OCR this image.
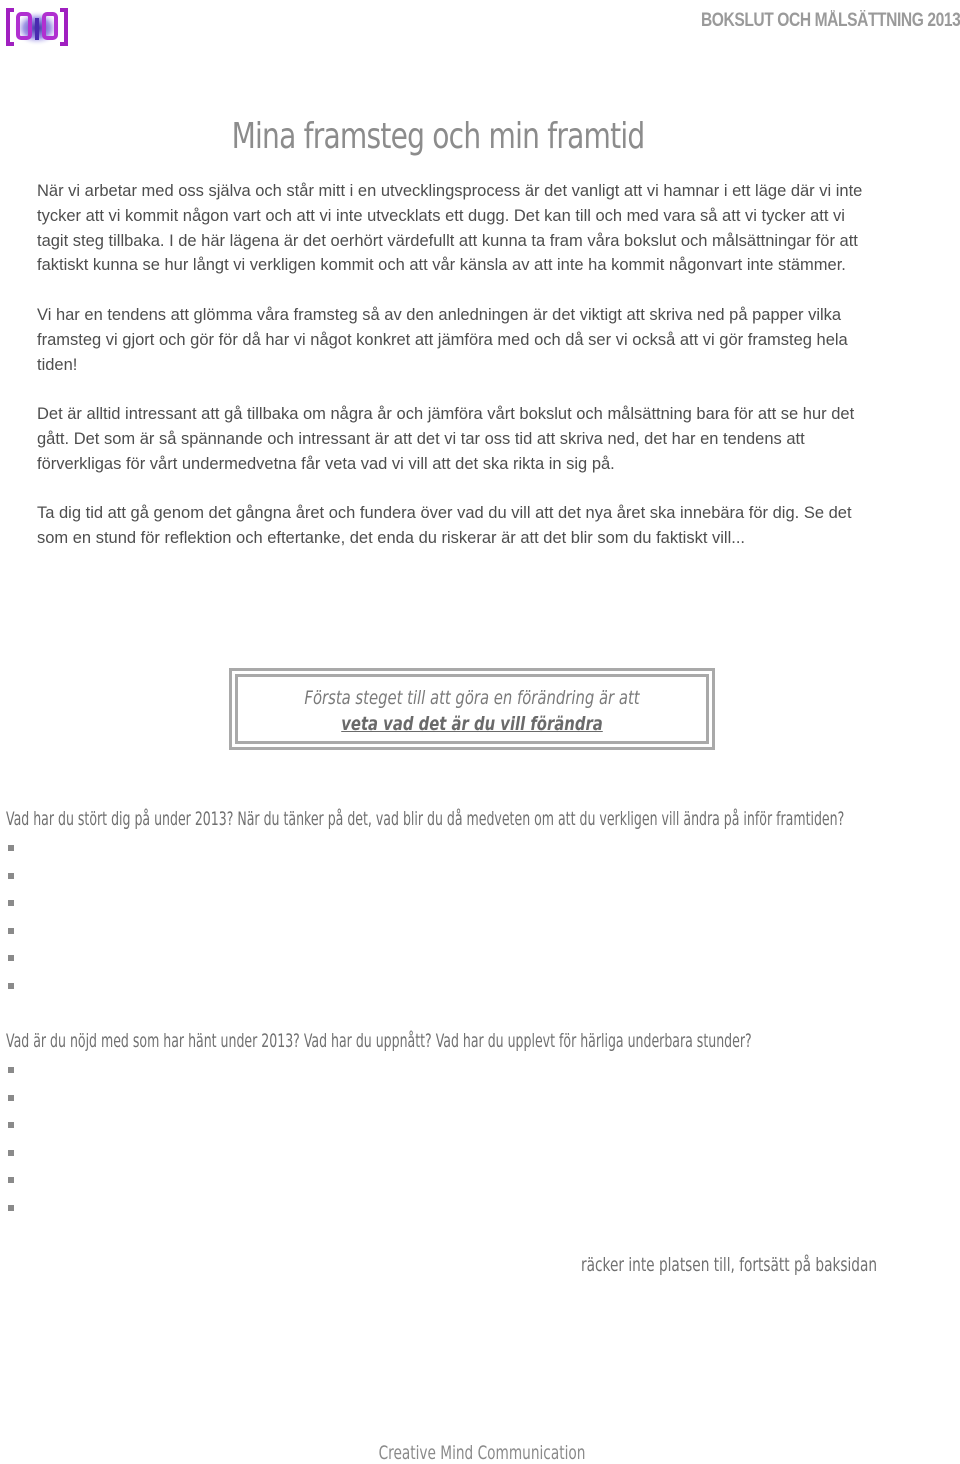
BOKSLUT OCH MÅLSÄTTNING 2013
Mina framsteg och min framtid

När vi arbetar med oss själva och står mitt i en utvecklingsprocess är det vanligt att vi hamnar i ett läge där vi inte tycker att vi kommit någon vart och att vi inte utvecklats ett dugg. Det kan till och med vara så att vi tycker att vi tagit steg tillbaka. I de här lägena är det oerhört värdefullt att kunna ta fram våra bokslut och målsättningar för att faktiskt kunna se hur långt vi verkligen kommit och att vår känsla av att inte ha kommit någonvart inte stämmer.

Vi har en tendens att glömma våra framsteg så av den anledningen är det viktigt att skriva ned på papper vilka framsteg vi gjort och gör för då har vi något konkret att jämföra med och då ser vi också att vi gör framsteg hela tiden!

Det är alltid intressant att gå tillbaka om några år och jämföra vårt bokslut och målsättning bara för att se hur det gått. Det som är så spännande och intressant är att det vi tar oss tid att skriva ned, det har en tendens att förverkligas för vårt undermedvetna får veta vad vi vill att det ska rikta in sig på.

Ta dig tid att gå genom det gångna året och fundera över vad du vill att det nya året ska innebära för dig. Se det som en stund för reflektion och eftertanke, det enda du riskerar är att det blir som du faktiskt vill...

Första steget till att göra en förändring är att
veta vad det är du vill förändra
Vad har du stört dig på under 2013? När du tänker på det, vad blir du då medveten om att du verkligen vill ändra på inför framtiden?
Vad är du nöjd med som har hänt under 2013? Vad har du uppnått? Vad har du upplevt för härliga underbara stunder?
räcker inte platsen till, fortsätt på baksidan
Creative Mind Communication
